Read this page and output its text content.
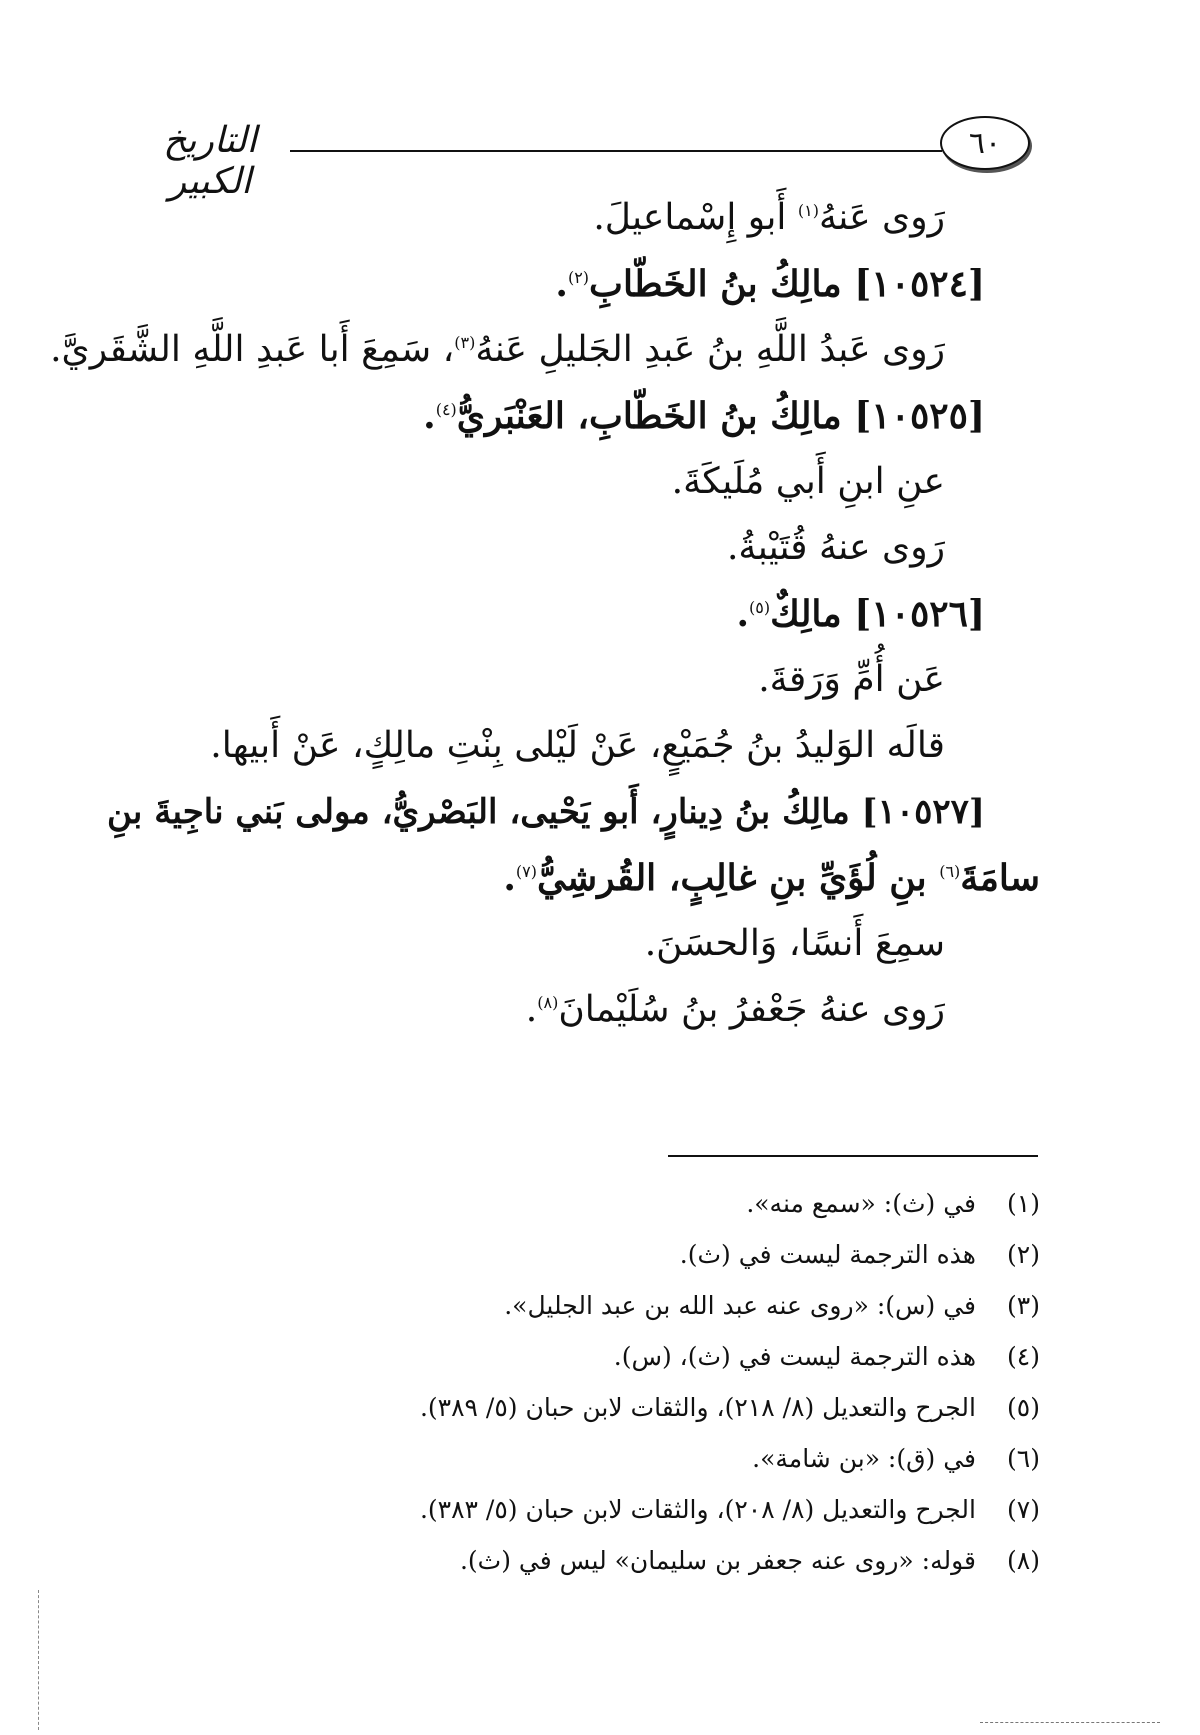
التاريخ الكبير
٦٠
رَوى عَنهُ$^{(١)}$ أَبو إِسْماعيلَ.
[١٠٥٢٤] مالِكُ بنُ الخَطّابِ$^{(٢)}$.
رَوى عَبدُ اللَّهِ بنُ عَبدِ الجَليلِ عَنهُ$^{(٣)}$، سَمِعَ أَبا عَبدِ اللَّهِ الشَّقَريَّ.
[١٠٥٢٥] مالِكُ بنُ الخَطّابِ، العَنْبَريُّ$^{(٤)}$.
عنِ ابنِ أَبي مُلَيكَةَ.
رَوى عنهُ قُتَيْبةُ.
[١٠٥٢٦] مالِكٌ$^{(٥)}$.
عَن أُمِّ وَرَقةَ.
قالَه الوَليدُ بنُ جُمَيْعٍ، عَنْ لَيْلى بِنْتِ مالِكٍ، عَنْ أَبيها.
[١٠٥٢٧] مالِكُ بنُ دِينارٍ، أَبو يَحْيى، البَصْريُّ، مولى بَني ناجِيةَ بنِ
سامَةَ$^{(٦)}$ بنِ لُؤَيِّ بنِ غالِبٍ، القُرشِيُّ$^{(٧)}$.
سمِعَ أَنسًا، وَالحسَنَ.
رَوى عنهُ جَعْفرُ بنُ سُلَيْمانَ$^{(٨)}$.
(١)
في (ث): «سمع منه».
(٢)
هذه الترجمة ليست في (ث).
(٣)
في (س): «روى عنه عبد الله بن عبد الجليل».
(٤)
هذه الترجمة ليست في (ث)، (س).
(٥)
الجرح والتعديل (٨/ ٢١٨)، والثقات لابن حبان (٥/ ٣٨٩).
(٦)
في (ق): «بن شامة».
(٧)
الجرح والتعديل (٨/ ٢٠٨)، والثقات لابن حبان (٥/ ٣٨٣).
(٨)
قوله: «روى عنه جعفر بن سليمان» ليس في (ث).
